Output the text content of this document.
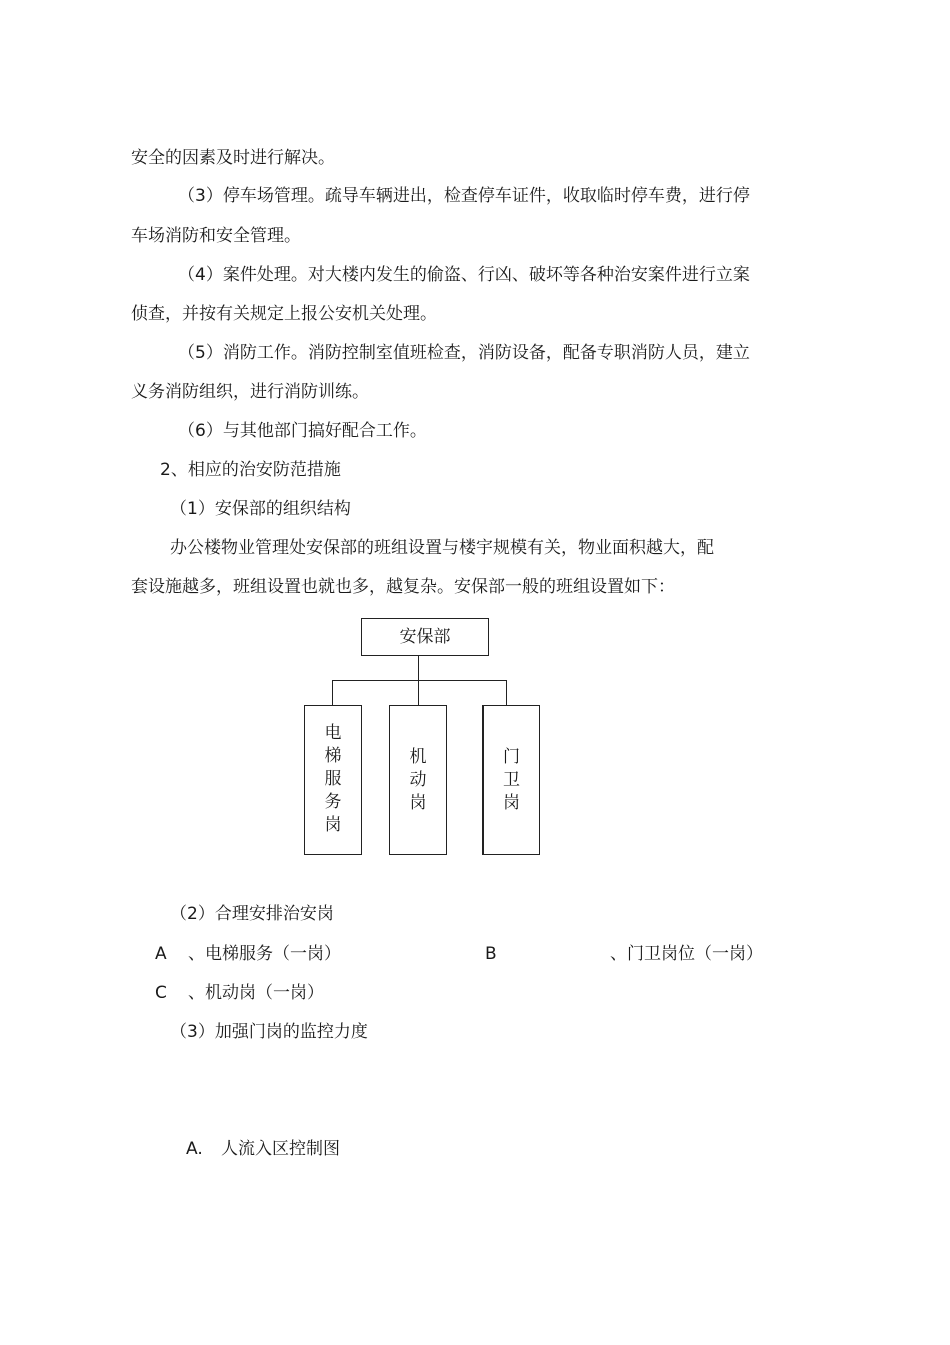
安全的因素及时进行解决。
（3）停车场管理。疏导车辆进出，检查停车证件，收取临时停车费，进行停
车场消防和安全管理。
（4）案件处理。对大楼内发生的偷盗、行凶、破坏等各种治安案件进行立案
侦查，并按有关规定上报公安机关处理。
（5）消防工作。消防控制室值班检查，消防设备，配备专职消防人员，建立
义务消防组织，进行消防训练。
（6）与其他部门搞好配合工作。
2、相应的治安防范措施
（1）安保部的组织结构
办公楼物业管理处安保部的班组设置与楼宇规模有关，物业面积越大，配
套设施越多，班组设置也就也多，越复杂。安保部一般的班组设置如下：
安保部
电
梯
服
务
岗
机
动
岗
门
卫
岗
（2）合理安排治安岗
A 、电梯服务（一岗）	B	、门卫岗位（一岗）
C 、机动岗（一岗）
（3）加强门岗的监控力度
A. 人流入区控制图
